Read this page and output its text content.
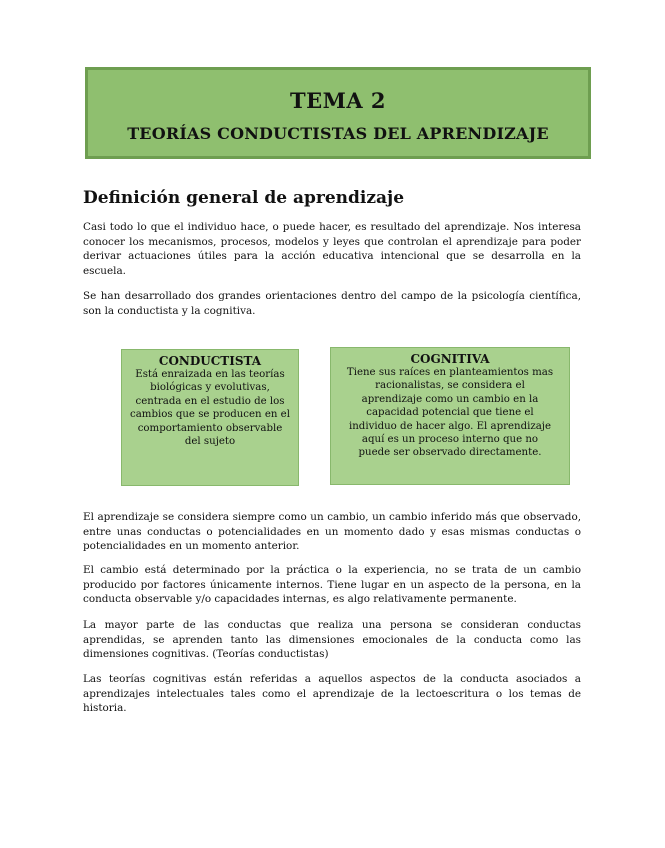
TEMA 2
TEORÍAS CONDUCTISTAS DEL APRENDIZAJE
Definición general de aprendizaje
Casi todo lo que el individuo hace, o puede hacer, es resultado del aprendizaje. Nos interesa conocer los mecanismos, procesos, modelos y leyes que controlan el aprendizaje para poder derivar actuaciones útiles para la acción educativa intencional que se desarrolla en la escuela.
Se han desarrollado dos grandes orientaciones dentro del campo de la psicología científica, son la conductista y la cognitiva.
CONDUCTISTA
Está enraizada en las teorías biológicas y evolutivas, centrada en el estudio de los cambios que se producen en el comportamiento observable del sujeto
COGNITIVA
Tiene sus raíces en planteamientos mas racionalistas, se considera el aprendizaje como un cambio en la capacidad potencial que tiene el individuo de hacer algo. El aprendizaje aquí es un proceso interno que no puede ser observado directamente.
El aprendizaje se considera siempre como un cambio, un cambio inferido más que observado, entre unas conductas o potencialidades en un momento dado y esas mismas conductas o potencialidades en un momento anterior.
El cambio está determinado por la práctica o la experiencia, no se trata de un cambio producido por factores únicamente internos. Tiene lugar en un aspecto de la persona, en la conducta observable y/o capacidades internas, es algo relativamente permanente.
La mayor parte de las conductas que realiza una persona se consideran conductas aprendidas, se aprenden tanto las dimensiones emocionales de la conducta como las dimensiones cognitivas. (Teorías conductistas)
Las teorías cognitivas están referidas a aquellos aspectos de la conducta asociados a aprendizajes intelectuales tales como el aprendizaje de la lectoescritura o los temas de historia.
